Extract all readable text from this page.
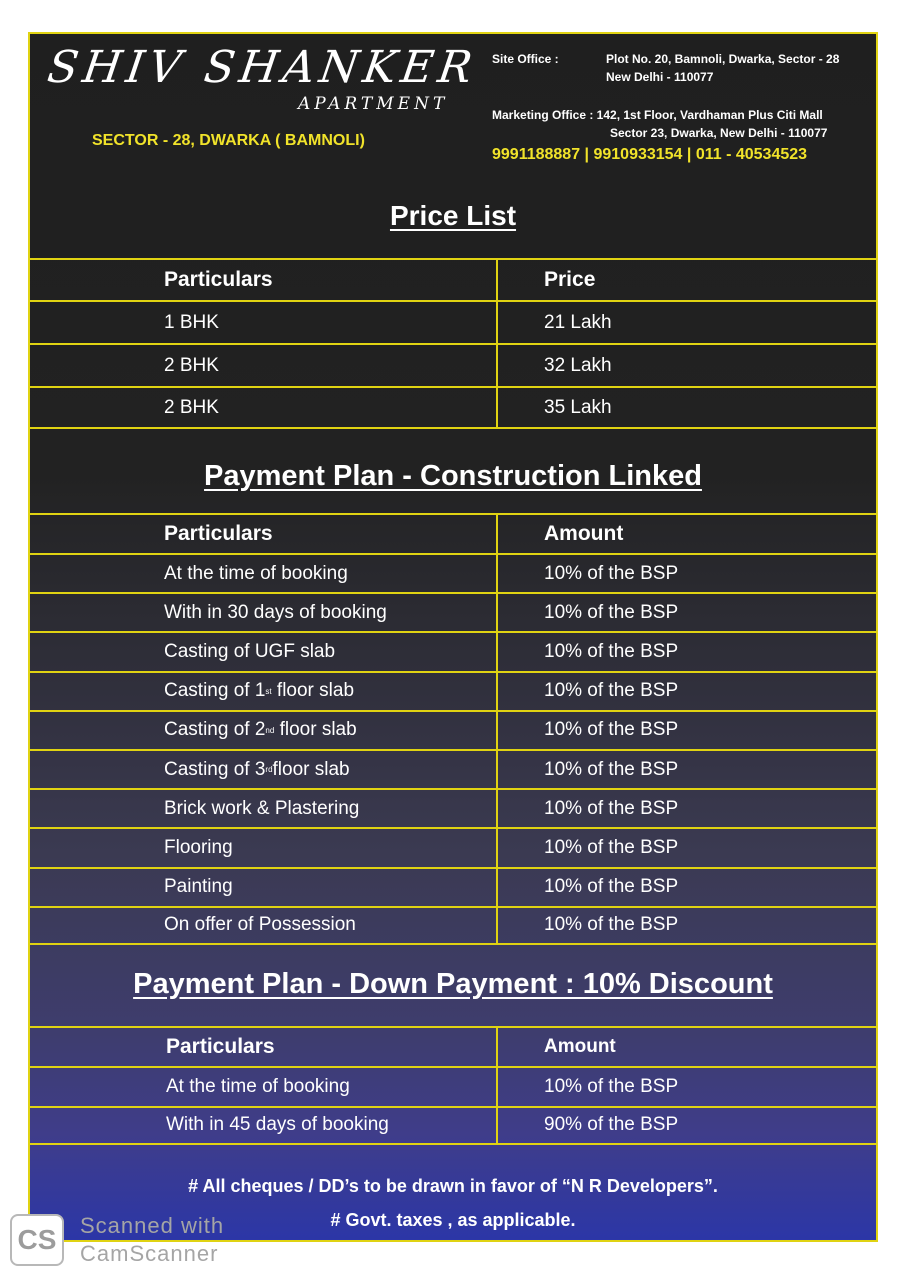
SHIV SHANKER
APARTMENT
SECTOR - 28, DWARKA ( BAMNOLI)
Site Office :	Plot No. 20, Bamnoli, Dwarka, Sector - 28
New Delhi - 110077
Marketing Office : 142, 1st Floor, Vardhaman Plus Citi Mall
Sector 23, Dwarka, New Delhi - 110077
9991188887 | 9910933154 | 011 - 40534523
Price List
Particulars	Price
1 BHK	21 Lakh
2 BHK	32 Lakh
2 BHK	35 Lakh
Payment Plan - Construction Linked
Particulars	Amount
At the time of booking	10% of the BSP
With in 30 days of booking	10% of the BSP
Casting of UGF slab	10% of the BSP
Casting of 1 st floor slab	10% of the BSP
Casting of 2 nd floor slab	10% of the BSP
Casting of 3 rd floor slab	10% of the BSP
Brick work & Plastering	10% of the BSP
Flooring	10% of the BSP
Painting	10% of the BSP
On offer of Possession	10% of the BSP
Payment Plan - Down Payment : 10% Discount
Particulars	Amount
At the time of booking	10% of the BSP
With in 45 days of booking	90% of the BSP
# All cheques / DD’s to be drawn in favor of “N R Developers”.
# Govt. taxes , as applicable.
CS	Scanned with
CamScanner
